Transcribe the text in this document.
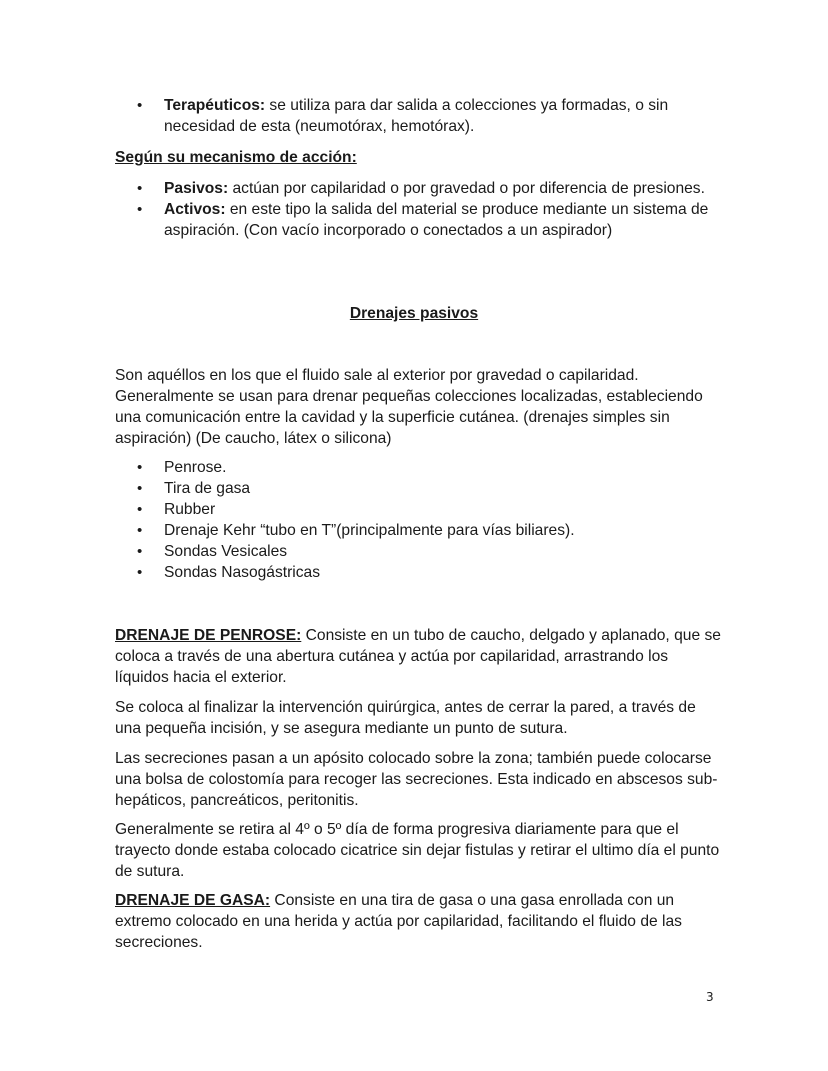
• Terapéuticos: se utiliza para dar salida a colecciones ya formadas, o sin necesidad de esta (neumotórax, hemotórax).
Según su mecanismo de acción:
• Pasivos: actúan por capilaridad o por gravedad o por diferencia de presiones.
• Activos: en este tipo la salida del material se produce mediante un sistema de aspiración. (Con vacío incorporado o conectados a un aspirador)
Drenajes pasivos

Son aquéllos en los que el fluido sale al exterior por gravedad o capilaridad. Generalmente se usan para drenar pequeñas colecciones localizadas, estableciendo una comunicación entre la cavidad y la superficie cutánea. (drenajes simples sin aspiración) (De caucho, látex o silicona)

• Penrose.
• Tira de gasa
• Rubber
• Drenaje Kehr “tubo en T”(principalmente para vías biliares).
• Sondas Vesicales
• Sondas Nasogástricas

DRENAJE DE PENROSE: Consiste en un tubo de caucho, delgado y aplanado, que se coloca a través de una abertura cutánea y actúa por capilaridad, arrastrando los líquidos hacia el exterior.

Se coloca al finalizar la intervención quirúrgica, antes de cerrar la pared, a través de una pequeña incisión, y se asegura mediante un punto de sutura.

Las secreciones pasan a un apósito colocado sobre la zona; también puede colocarse una bolsa de colostomía para recoger las secreciones. Esta indicado en abscesos sub-hepáticos, pancreáticos, peritonitis.

Generalmente se retira al 4º o 5º día de forma progresiva diariamente para que el trayecto donde estaba colocado cicatrice sin dejar fistulas y retirar el ultimo día el punto de sutura.

DRENAJE DE GASA: Consiste en una tira de gasa o una gasa enrollada con un extremo colocado en una herida y actúa por capilaridad, facilitando el fluido de las secreciones.

3
